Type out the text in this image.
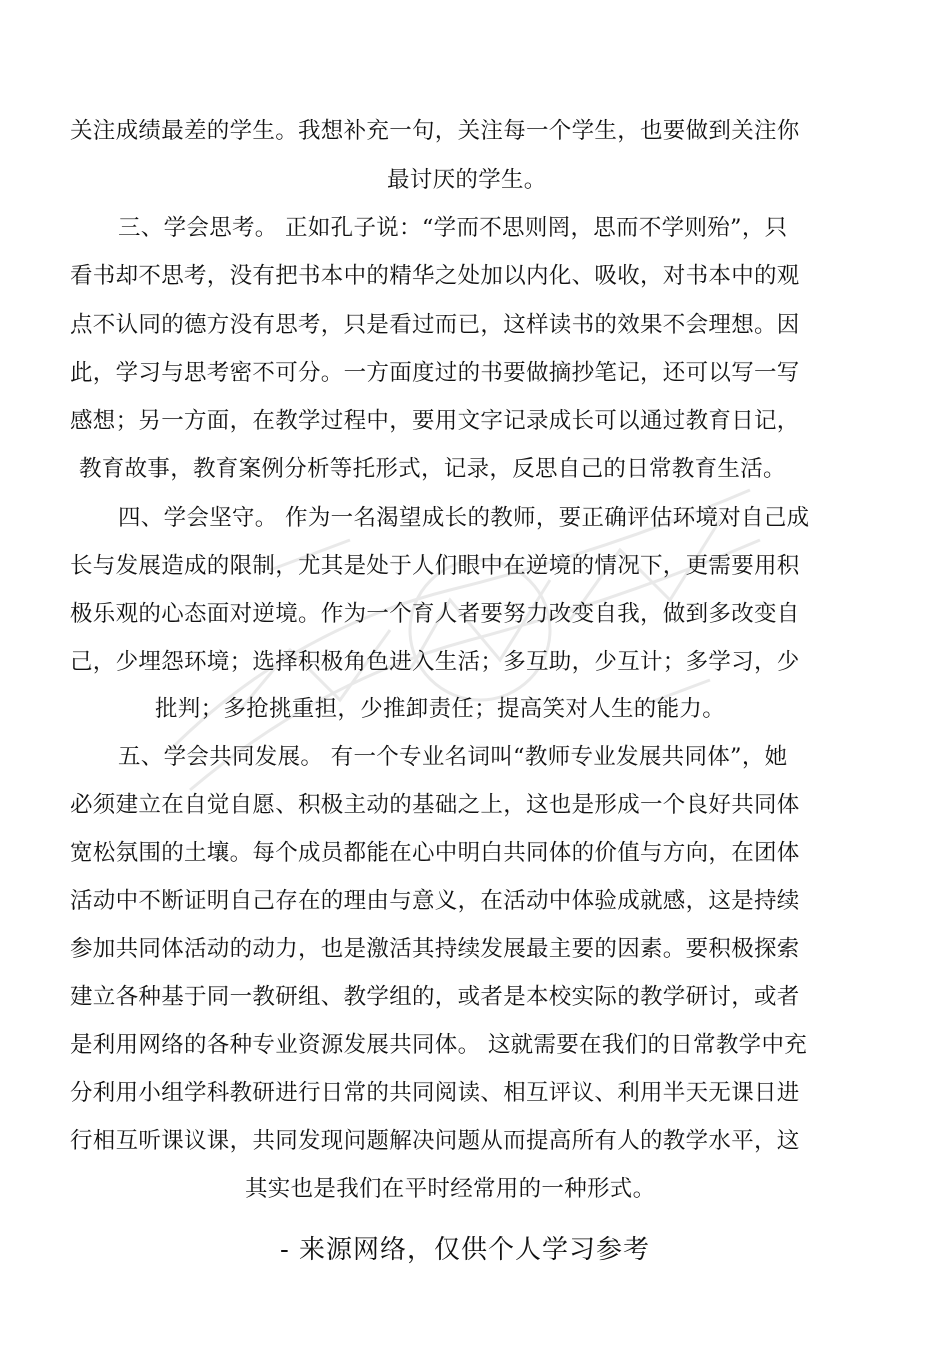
关注成绩最差的学生。我想补充一句，关注每一个学生，也要做到关注你
最讨厌的学生。
三、学会思考。 正如孔子说：“学而不思则罔，思而不学则殆”，只
看书却不思考，没有把书本中的精华之处加以内化、吸收，对书本中的观
点不认同的德方没有思考，只是看过而已，这样读书的效果不会理想。因
此，学习与思考密不可分。一方面度过的书要做摘抄笔记，还可以写一写
感想；另一方面，在教学过程中，要用文字记录成长可以通过教育日记，
教育故事，教育案例分析等托形式，记录，反思自己的日常教育生活。
四、学会坚守。 作为一名渴望成长的教师，要正确评估环境对自己成
长与发展造成的限制，尤其是处于人们眼中在逆境的情况下，更需要用积
极乐观的心态面对逆境。作为一个育人者要努力改变自我，做到多改变自
己，少埋怨环境；选择积极角色进入生活；多互助，少互计；多学习，少
批判；多抢挑重担，少推卸责任；提高笑对人生的能力。
五、学会共同发展。 有一个专业名词叫“教师专业发展共同体”，她
必须建立在自觉自愿、积极主动的基础之上，这也是形成一个良好共同体
宽松氛围的土壤。每个成员都能在心中明白共同体的价值与方向，在团体
活动中不断证明自己存在的理由与意义，在活动中体验成就感，这是持续
参加共同体活动的动力，也是激活其持续发展最主要的因素。要积极探索
建立各种基于同一教研组、教学组的，或者是本校实际的教学研讨，或者
是利用网络的各种专业资源发展共同体。 这就需要在我们的日常教学中充
分利用小组学科教研进行日常的共同阅读、相互评议、利用半天无课日进
行相互听课议课，共同发现问题解决问题从而提高所有人的教学水平，这
其实也是我们在平时经常用的一种形式。
- 来源网络，仅供个人学习参考
